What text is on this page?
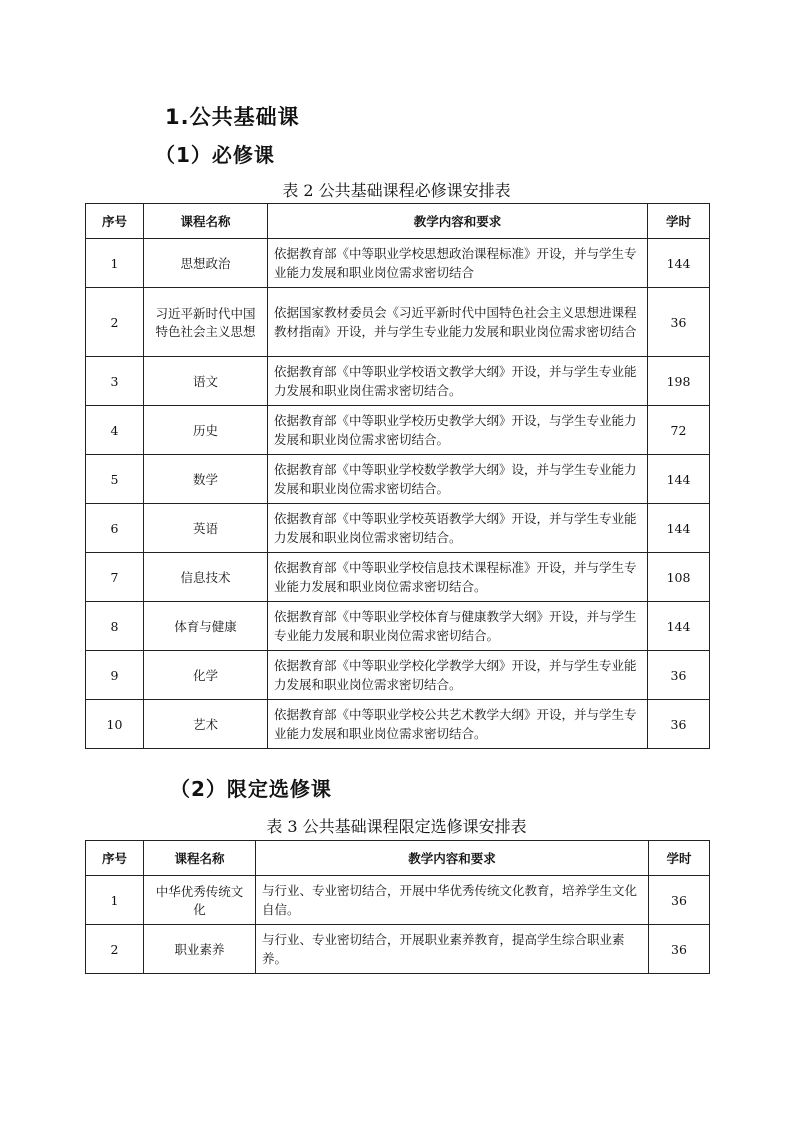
1.公共基础课
（1）必修课

表 2 公共基础课程必修课安排表

序号	课程名称	教学内容和要求	学时
1	思想政治	依据教育部《中等职业学校思想政治课程标准》开设，并与学生专业能力发展和职业岗位需求密切结合	144
2	习近平新时代中国特色社会主义思想	依据国家教材委员会《习近平新时代中国特色社会主义思想进课程教材指南》开设，并与学生专业能力发展和职业岗位需求密切结合	36
3	语文	依据教育部《中等职业学校语文教学大纲》开设，并与学生专业能力发展和职业岗住需求密切结合。	198
4	历史	依据教育部《中等职业学校历史教学大纲》开设，与学生专业能力发展和职业岗位需求密切结合。	72
5	数学	依据教育部《中等职业学校数学教学大纲》设，并与学生专业能力发展和职业岗位需求密切结合。	144
6	英语	依据教育部《中等职业学校英语教学大纲》开设，并与学生专业能力发展和职业岗位需求密切结合。	144
7	信息技术	依据教育部《中等职业学校信息技术课程标准》开设，并与学生专业能力发展和职业岗位需求密切结合。	108
8	体育与健康	依据教育部《中等职业学校体育与健康教学大纲》开设，并与学生专业能力发展和职业岗位需求密切结合。	144
9	化学	依据教育部《中等职业学校化学教学大纲》开设，并与学生专业能力发展和职业岗位需求密切结合。	36
10	艺术	依据教育部《中等职业学校公共艺术教学大纲》开设，并与学生专业能力发展和职业岗位需求密切结合。	36
（2）限定选修课

表 3 公共基础课程限定选修课安排表

序号	课程名称	教学内容和要求	学时
1	中华优秀传统文化	与行业、专业密切结合，开展中华优秀传统文化教育，培养学生文化自信。	36
2	职业素养	与行业、专业密切结合，开展职业素养教育，提高学生综合职业素养。	36
